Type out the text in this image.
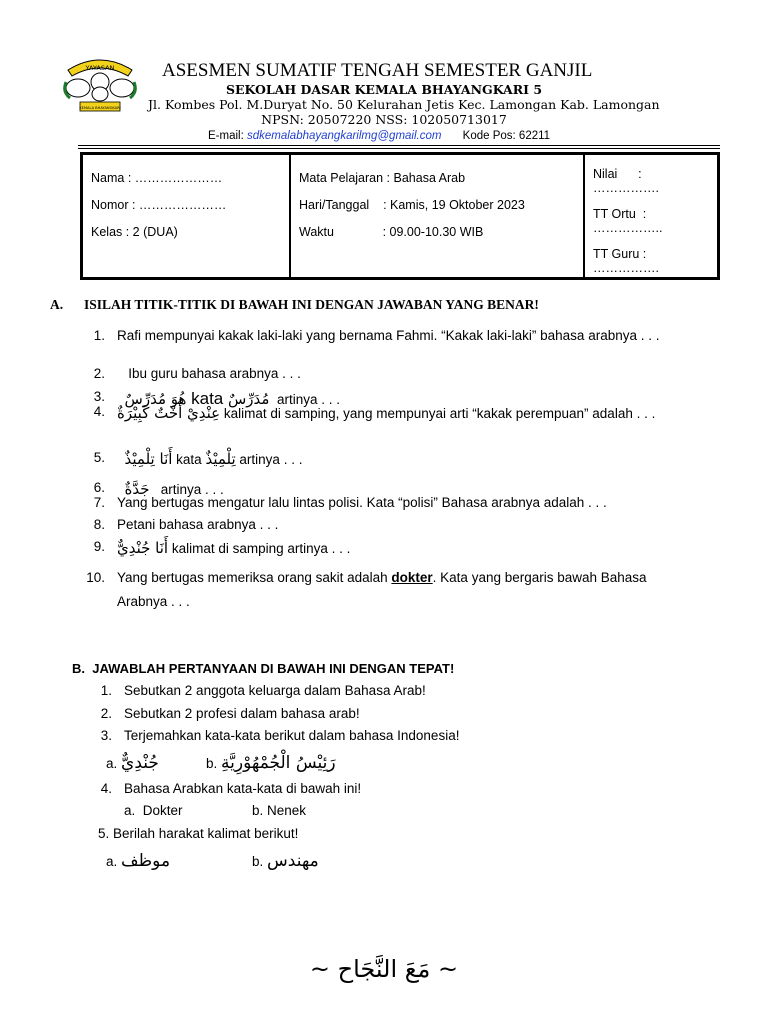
YAYASAN
KEMALA BHAYANGKARI
ASESMEN SUMATIF TENGAH SEMESTER GANJIL
SEKOLAH DASAR KEMALA BHAYANGKARI 5
Jl. Kombes Pol. M.Duryat No. 50 Kelurahan Jetis Kec. Lamongan Kab. Lamongan
NPSN: 20507220 NSS: 102050713017
E-mail: sdkemalabhayangkarilmg@gmail.com Kode Pos: 62211
Nama : …………………
Nomor : …………………
Kelas : 2 (DUA)

Mata Pelajaran : Bahasa Arab
Hari/Tanggal    : Kamis, 19 Oktober 2023
Waktu              : 09.00-10.30 WIB

Nilai      :
…………….
TT Ortu  :
……………..
TT Guru :
…………….
A. ISILAH TITIK-TITIK DI BAWAH INI DENGAN JAWABAN YANG BENAR!
1. Rafi mempunyai kakak laki-laki yang bernama Fahmi. “Kakak laki-laki” bahasa arabnya . . .

2. Ibu guru bahasa arabnya . . .

3. هُوَ مُدَرِّسٌ kata مُدَرِّسٌ  artinya . . .

4. عِنْدِيْ أُخْتٌ كَبِيْرَةٌ kalimat di samping, yang mempunyai arti “kakak perempuan” adalah . . .

5. أَنَا تِلْمِيْذٌ kata تِلْمِيْذٌ artinya . . .

6. جَدَّةٌ   artinya . . .

7. Yang bertugas mengatur lalu lintas polisi. Kata “polisi” Bahasa arabnya adalah . . .
8. Petani bahasa arabnya . . .
9. أَنَا جُنْدِيٌّ kalimat di samping artinya . . .
10. Yang bertugas memeriksa orang sakit adalah dokter. Kata yang bergaris bawah Bahasa
Arabnya . . .
B.  JAWABLAH PERTANYAAN DI BAWAH INI DENGAN TEPAT!
1. Sebutkan 2 anggota keluarga dalam Bahasa Arab!
2. Sebutkan 2 profesi dalam bahasa arab!
3. Terjemahkan kata-kata berikut dalam bahasa Indonesia!
a. جُنْدِيٌّ	b. رَئِيْسُ الْجُمْهُوْرِيَّةِ
4. Bahasa Arabkan kata-kata di bawah ini!
a.  Dokter	b. Nenek
5. Berilah harakat kalimat berikut!
a. موظف	b. مهندس
~ مَعَ النَّجَاح ~
